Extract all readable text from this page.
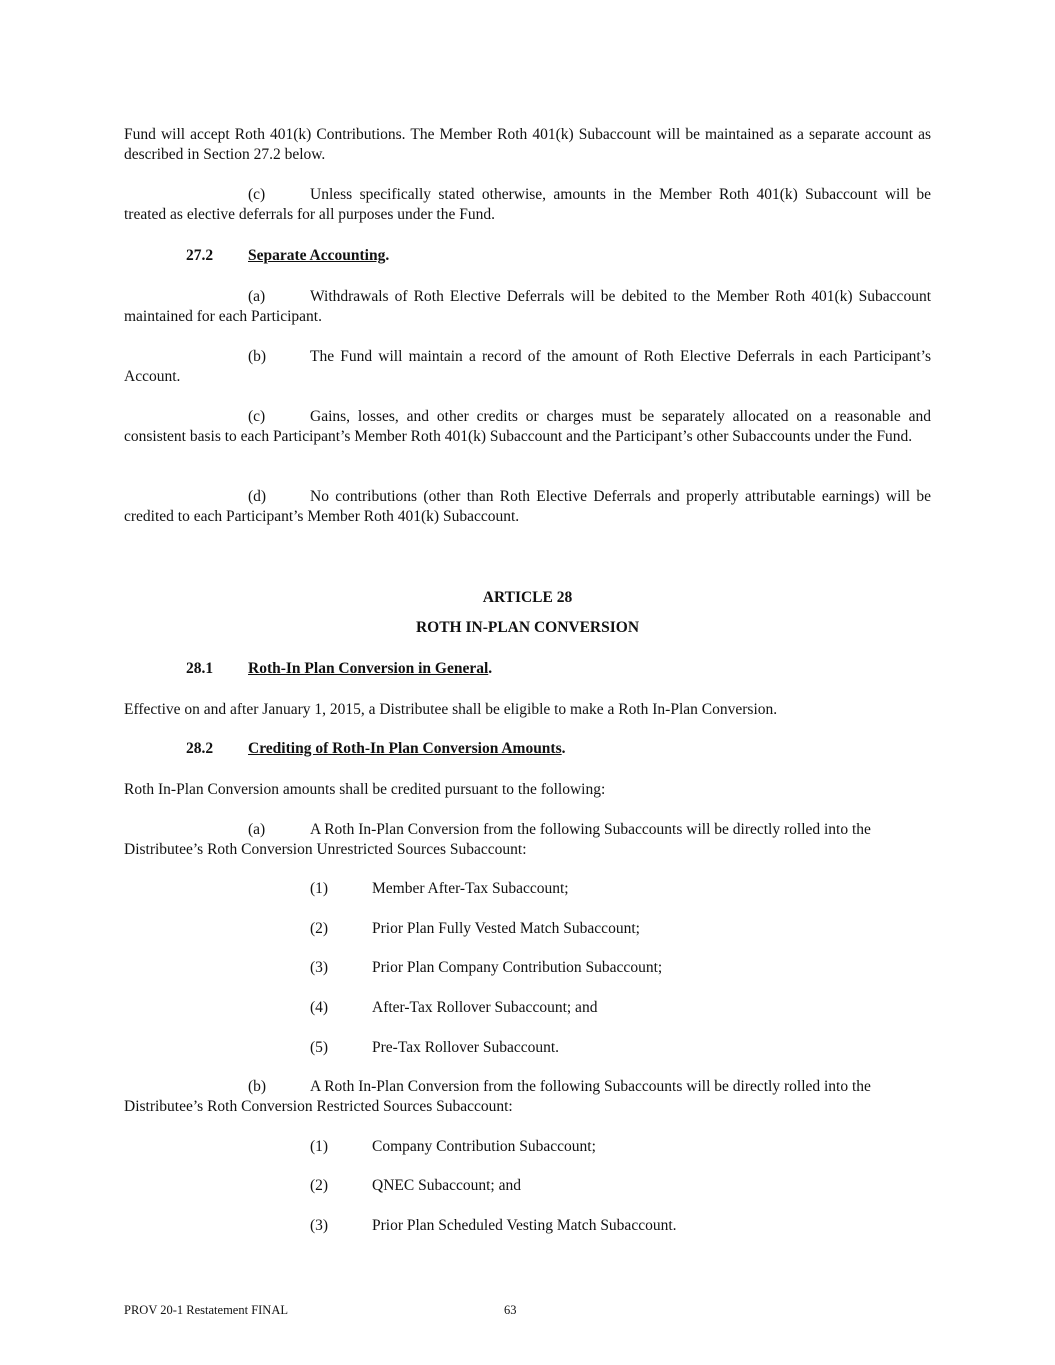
Fund will accept Roth 401(k) Contributions. The Member Roth 401(k) Subaccount will be maintained as a separate account as described in Section 27.2 below.

(c)	Unless specifically stated otherwise, amounts in the Member Roth 401(k) Subaccount will be treated as elective deferrals for all purposes under the Fund.

27.2 Separate Accounting.

(a)	Withdrawals of Roth Elective Deferrals will be debited to the Member Roth 401(k) Subaccount maintained for each Participant.

(b)	The Fund will maintain a record of the amount of Roth Elective Deferrals in each Participant’s Account.

(c)	Gains, losses, and other credits or charges must be separately allocated on a reasonable and consistent basis to each Participant’s Member Roth 401(k) Subaccount and the Participant’s other Subaccounts under the Fund.

(d)	No contributions (other than Roth Elective Deferrals and properly attributable earnings) will be credited to each Participant’s Member Roth 401(k) Subaccount.

ARTICLE 28

ROTH IN-PLAN CONVERSION

28.1 Roth-In Plan Conversion in General.

Effective on and after January 1, 2015, a Distributee shall be eligible to make a Roth In-Plan Conversion.

28.2 Crediting of Roth-In Plan Conversion Amounts.

Roth In-Plan Conversion amounts shall be credited pursuant to the following:

(a)	A Roth In-Plan Conversion from the following Subaccounts will be directly rolled into the Distributee’s Roth Conversion Unrestricted Sources Subaccount:

(1)	Member After-Tax Subaccount;

(2)	Prior Plan Fully Vested Match Subaccount;

(3)	Prior Plan Company Contribution Subaccount;

(4)	After-Tax Rollover Subaccount; and

(5)	Pre-Tax Rollover Subaccount.

(b)	A Roth In-Plan Conversion from the following Subaccounts will be directly rolled into the Distributee’s Roth Conversion Restricted Sources Subaccount:

(1)	Company Contribution Subaccount;

(2)	QNEC Subaccount; and

(3)	Prior Plan Scheduled Vesting Match Subaccount.

PROV 20-1 Restatement FINAL	63
